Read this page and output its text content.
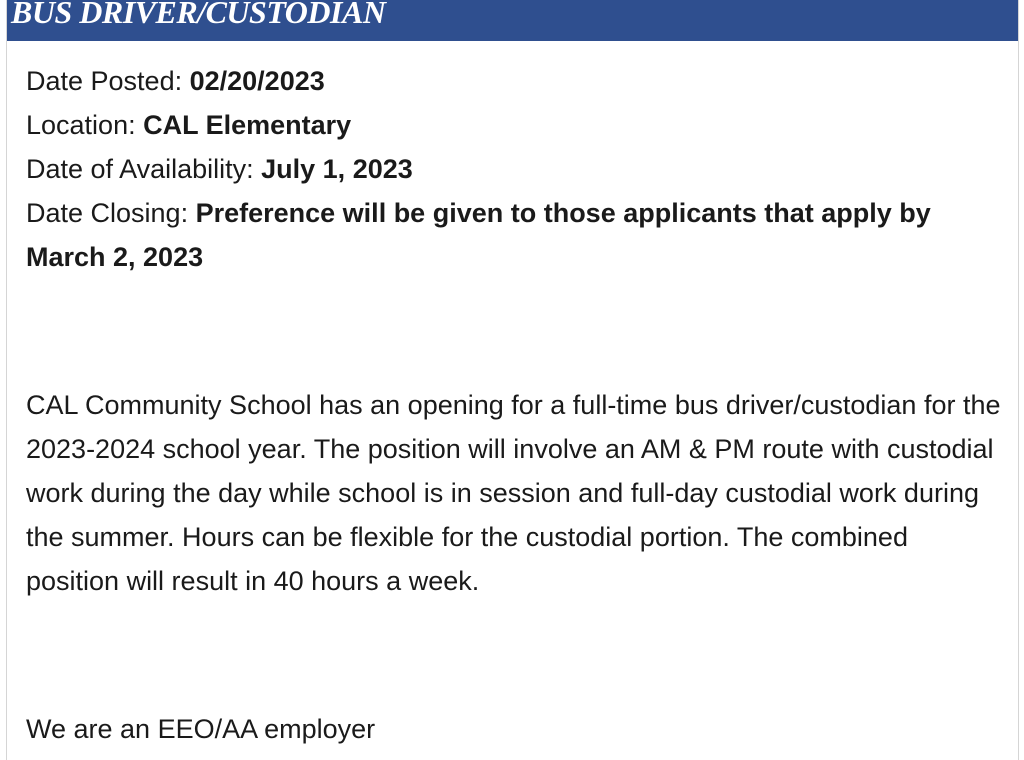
BUS DRIVER/CUSTODIAN

Date Posted: 02/20/2023

Location: CAL Elementary

Date of Availability: July 1, 2023

Date Closing: Preference will be given to those applicants that apply by March 2, 2023

CAL Community School has an opening for a full-time bus driver/custodian for the 2023-2024 school year. The position will involve an AM & PM route with custodial work during the day while school is in session and full-day custodial work during the summer. Hours can be flexible for the custodial portion. The combined position will result in 40 hours a week.

We are an EEO/AA employer
